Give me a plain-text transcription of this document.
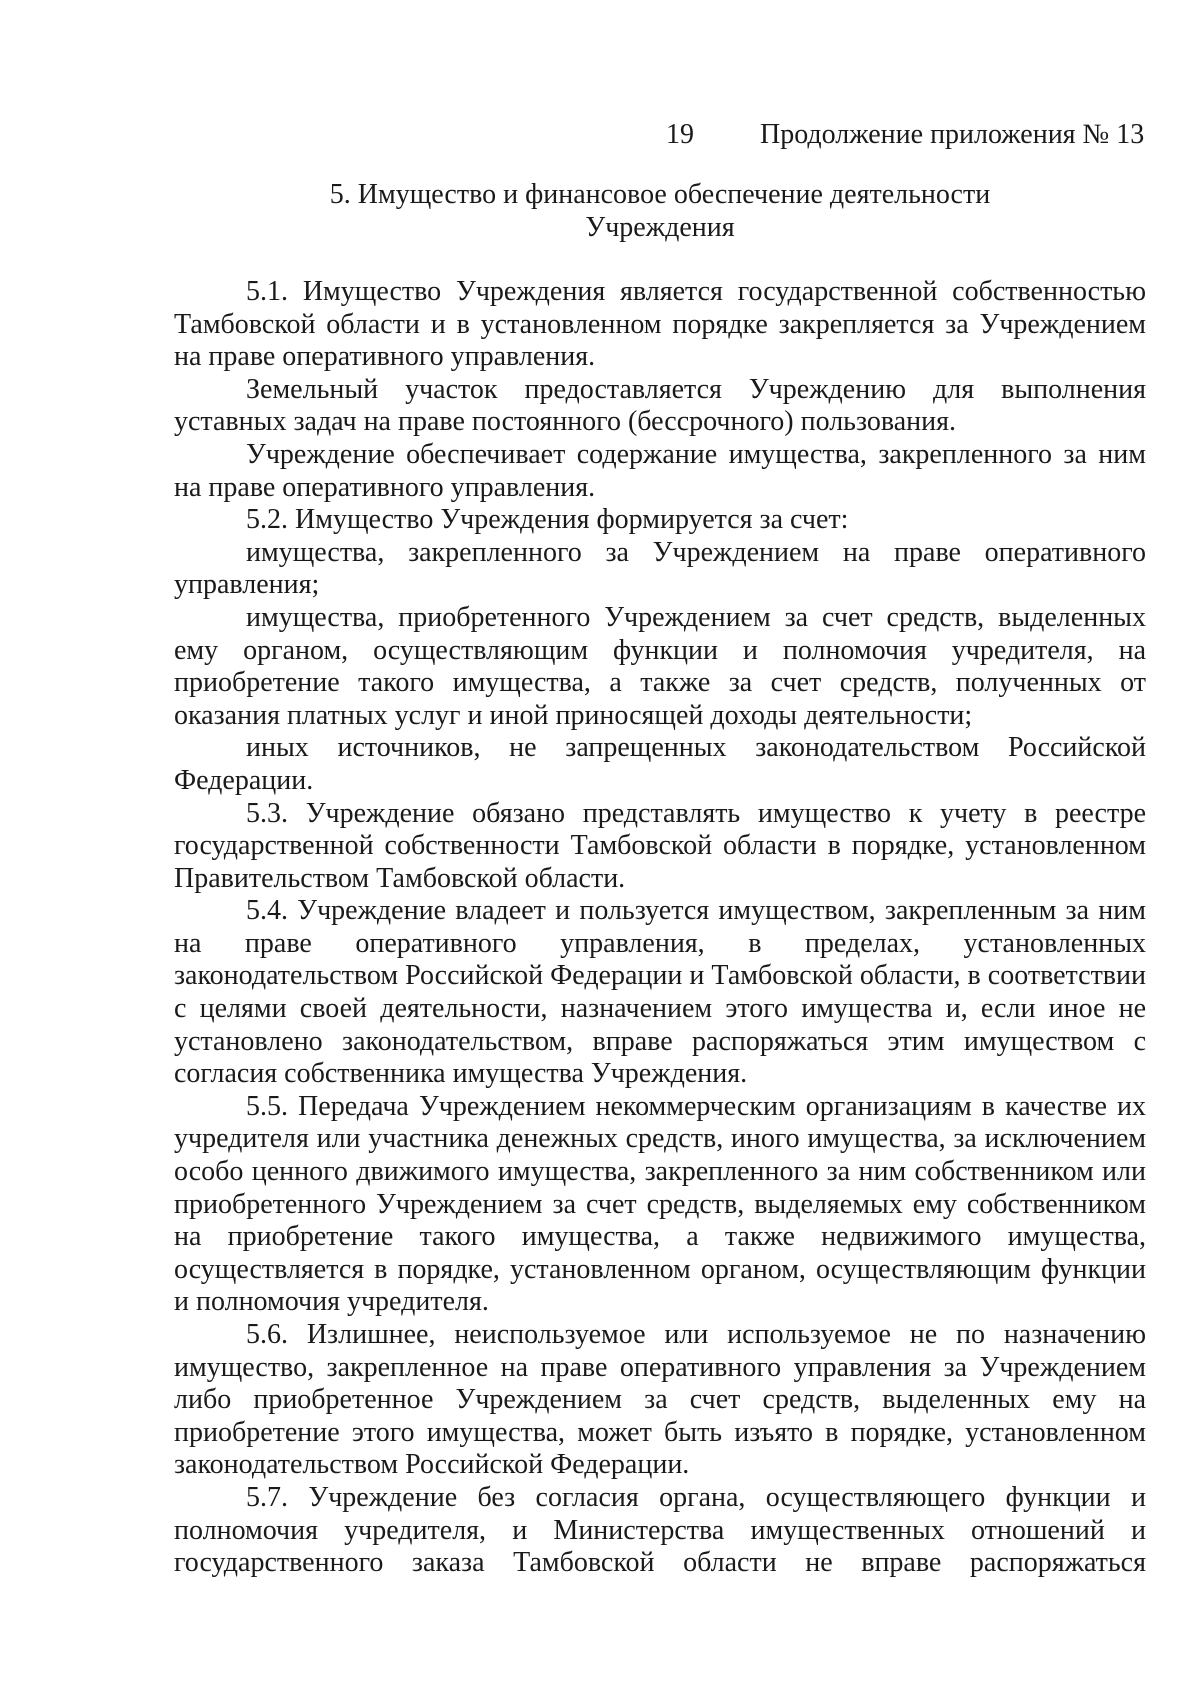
19 Продолжение приложения № 13
5. Имущество и финансовое обеспечение деятельности
Учреждения

5.1. Имущество Учреждения является государственной собственностью Тамбовской области и в установленном порядке закрепляется за Учреждением на праве оперативного управления.

Земельный участок предоставляется Учреждению для выполнения уставных задач на праве постоянного (бессрочного) пользования.

Учреждение обеспечивает содержание имущества, закрепленного за ним на праве оперативного управления.

5.2. Имущество Учреждения формируется за счет:

имущества, закрепленного за Учреждением на праве оперативного управления;

имущества, приобретенного Учреждением за счет средств, выделенных ему органом, осуществляющим функции и полномочия учредителя, на приобретение такого имущества, а также за счет средств, полученных от оказания платных услуг и иной приносящей доходы деятельности;

иных источников, не запрещенных законодательством Российской Федерации.

5.3. Учреждение обязано представлять имущество к учету в реестре государственной собственности Тамбовской области в порядке, установленном Правительством Тамбовской области.

5.4. Учреждение владеет и пользуется имуществом, закрепленным за ним на праве оперативного управления, в пределах, установленных законодательством Российской Федерации и Тамбовской области, в соответствии с целями своей деятельности, назначением этого имущества и, если иное не установлено законодательством, вправе распоряжаться этим имуществом с согласия собственника имущества Учреждения.

5.5. Передача Учреждением некоммерческим организациям в качестве их учредителя или участника денежных средств, иного имущества, за исключением особо ценного движимого имущества, закрепленного за ним собственником или приобретенного Учреждением за счет средств, выделяемых ему собственником на приобретение такого имущества, а также недвижимого имущества, осуществляется в порядке, установленном органом, осуществляющим функции и полномочия учредителя.

5.6. Излишнее, неиспользуемое или используемое не по назначению имущество, закрепленное на праве оперативного управления за Учреждением либо приобретенное Учреждением за счет средств, выделенных ему на приобретение этого имущества, может быть изъято в порядке, установленном законодательством Российской Федерации.

5.7. Учреждение без согласия органа, осуществляющего функции и полномочия учредителя, и Министерства имущественных отношений и государственного заказа Тамбовской области не вправе распоряжаться
